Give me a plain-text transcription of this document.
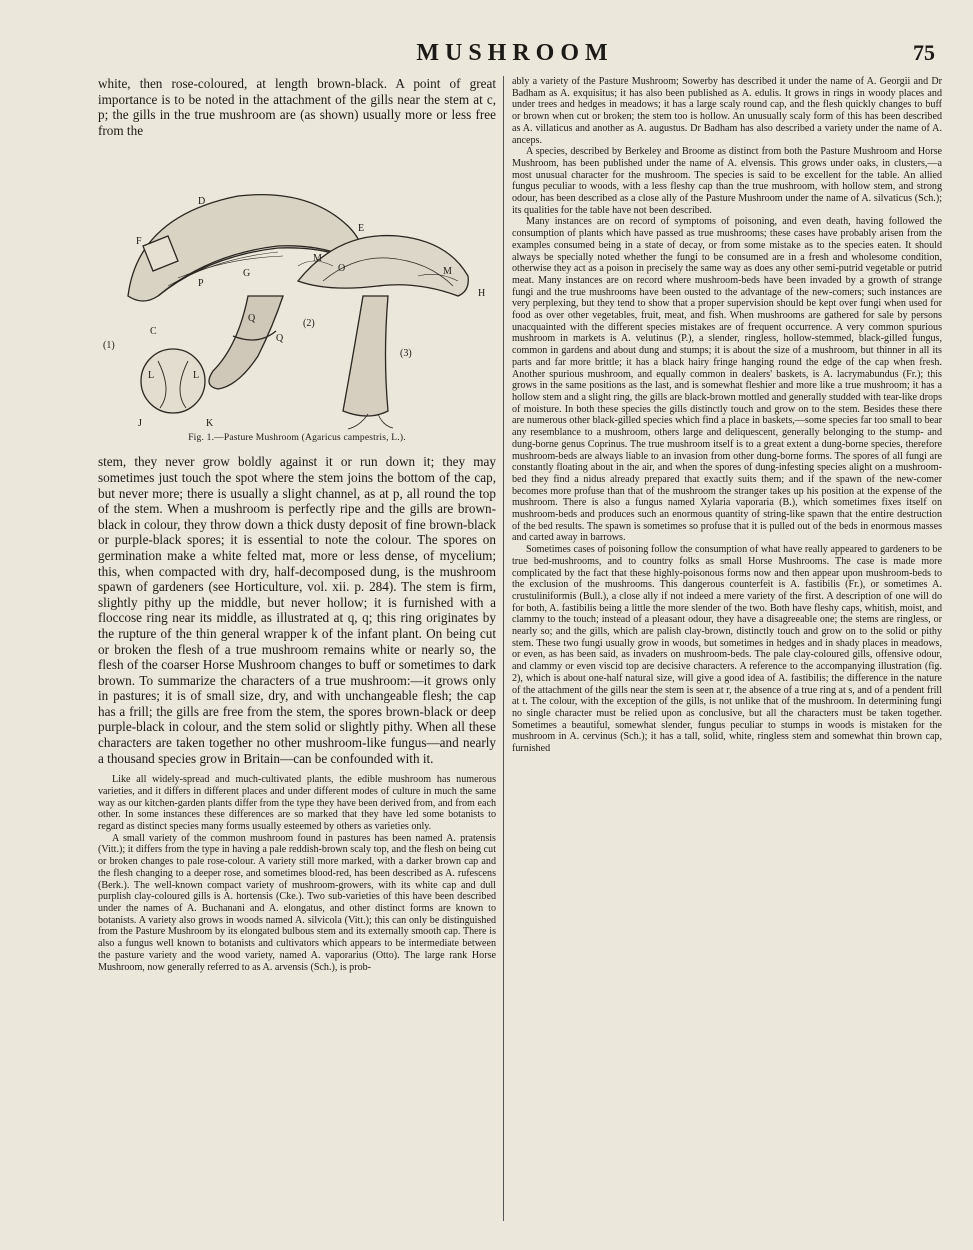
MUSHROOM	75

white, then rose-coloured, at length brown-black. A point of great importance is to be noted in the attachment of the gills near the stem at c, p; the gills in the true mushroom are (as shown) usually more or less free from the

F
D
E
P
C
M
O	M
Q
Q
H
(1)
(2)
(3)
L	L
J	K
G
Fig. 1.—Pasture Mushroom (Agaricus campestris, L.).

stem, they never grow boldly against it or run down it; they may sometimes just touch the spot where the stem joins the bottom of the cap, but never more; there is usually a slight channel, as at p, all round the top of the stem. When a mushroom is perfectly ripe and the gills are brown-black in colour, they throw down a thick dusty deposit of fine brown-black or purple-black spores; it is essential to note the colour. The spores on germination make a white felted mat, more or less dense, of mycelium; this, when compacted with dry, half-decomposed dung, is the mushroom spawn of gardeners (see Horticulture, vol. xii. p. 284). The stem is firm, slightly pithy up the middle, but never hollow; it is furnished with a floccose ring near its middle, as illustrated at q, q; this ring originates by the rupture of the thin general wrapper k of the infant plant. On being cut or broken the flesh of a true mushroom remains white or nearly so, the flesh of the coarser Horse Mushroom changes to buff or sometimes to dark brown. To summarize the characters of a true mushroom:—it grows only in pastures; it is of small size, dry, and with unchangeable flesh; the cap has a frill; the gills are free from the stem, the spores brown-black or deep purple-black in colour, and the stem solid or slightly pithy. When all these characters are taken together no other mushroom-like fungus—and nearly a thousand species grow in Britain—can be confounded with it.

Like all widely-spread and much-cultivated plants, the edible mushroom has numerous varieties, and it differs in different places and under different modes of culture in much the same way as our kitchen-garden plants differ from the type they have been derived from, and from each other. In some instances these differences are so marked that they have led some botanists to regard as distinct species many forms usually esteemed by others as varieties only.

A small variety of the common mushroom found in pastures has been named A. pratensis (Vitt.); it differs from the type in having a pale reddish-brown scaly top, and the flesh on being cut or broken changes to pale rose-colour. A variety still more marked, with a darker brown cap and the flesh changing to a deeper rose, and sometimes blood-red, has been described as A. rufescens (Berk.). The well-known compact variety of mushroom-growers, with its white cap and dull purplish clay-coloured gills is A. hortensis (Cke.). Two sub-varieties of this have been described under the names of A. Buchanani and A. elongatus, and other distinct forms are known to botanists. A variety also grows in woods named A. silvicola (Vitt.); this can only be distinguished from the Pasture Mushroom by its elongated bulbous stem and its externally smooth cap. There is also a fungus well known to botanists and cultivators which appears to be intermediate between the pasture variety and the wood variety, named A. vaporarius (Otto). The large rank Horse Mushroom, now generally referred to as A. arvensis (Sch.), is prob-

ably a variety of the Pasture Mushroom; Sowerby has described it under the name of A. Georgii and Dr Badham as A. exquisitus; it has also been published as A. edulis. It grows in rings in woody places and under trees and hedges in meadows; it has a large scaly round cap, and the flesh quickly changes to buff or brown when cut or broken; the stem too is hollow. An unusually scaly form of this has been described as A. villaticus and another as A. augustus. Dr Badham has also described a variety under the name of A. anceps.

A species, described by Berkeley and Broome as distinct from both the Pasture Mushroom and Horse Mushroom, has been published under the name of A. elvensis. This grows under oaks, in clusters,—a most unusual character for the mushroom. The species is said to be excellent for the table. An allied fungus peculiar to woods, with a less fleshy cap than the true mushroom, with hollow stem, and strong odour, has been described as a close ally of the Pasture Mushroom under the name of A. silvaticus (Sch.); its qualities for the table have not been described.

Many instances are on record of symptoms of poisoning, and even death, having followed the consumption of plants which have passed as true mushrooms; these cases have probably arisen from the examples consumed being in a state of decay, or from some mistake as to the species eaten. It should always be specially noted whether the fungi to be consumed are in a fresh and wholesome condition, otherwise they act as a poison in precisely the same way as does any other semi-putrid vegetable or putrid meat. Many instances are on record where mushroom-beds have been invaded by a growth of strange fungi and the true mushrooms have been ousted to the advantage of the new-comers; such instances are very perplexing, but they tend to show that a proper supervision should be kept over fungi when used for food as over other vegetables, fruit, meat, and fish. When mushrooms are gathered for sale by persons unacquainted with the different species mistakes are of frequent occurrence. A very common spurious mushroom in markets is A. velutinus (P.), a slender, ringless, hollow-stemmed, black-gilled fungus, common in gardens and about dung and stumps; it is about the size of a mushroom, but thinner in all its parts and far more brittle; it has a black hairy fringe hanging round the edge of the cap when fresh. Another spurious mushroom, and equally common in dealers' baskets, is A. lacrymabundus (Fr.); this grows in the same positions as the last, and is somewhat fleshier and more like a true mushroom; it has a hollow stem and a slight ring, the gills are black-brown mottled and generally studded with tear-like drops of moisture. In both these species the gills distinctly touch and grow on to the stem. Besides these there are numerous other black-gilled species which find a place in baskets,—some species far too small to bear any resemblance to a mushroom, others large and deliquescent, generally belonging to the stump- and dung-borne genus Coprinus. The true mushroom itself is to a great extent a dung-borne species, therefore mushroom-beds are always liable to an invasion from other dung-borne forms. The spores of all fungi are constantly floating about in the air, and when the spores of dung-infesting species alight on a mushroom-bed they find a nidus already prepared that exactly suits them; and if the spawn of the new-comer becomes more profuse than that of the mushroom the stranger takes up his position at the expense of the mushroom. There is also a fungus named Xylaria vaporaria (B.), which sometimes fixes itself on mushroom-beds and produces such an enormous quantity of string-like spawn that the entire destruction of the bed results. The spawn is sometimes so profuse that it is pulled out of the beds in enormous masses and carted away in barrows.

Sometimes cases of poisoning follow the consumption of what have really appeared to gardeners to be true bed-mushrooms, and to country folks as small Horse Mushrooms. The case is made more complicated by the fact that these highly-poisonous forms now and then appear upon mushroom-beds to the exclusion of the mushrooms. This dangerous counterfeit is A. fastibilis (Fr.), or sometimes A. crustuliniformis (Bull.), a close ally if not indeed a mere variety of the first. A description of one will do for both, A. fastibilis being a little the more slender of the two. Both have fleshy caps, whitish, moist, and clammy to the touch; instead of a pleasant odour, they have a disagreeable one; the stems are ringless, or nearly so; and the gills, which are palish clay-brown, distinctly touch and grow on to the solid or pithy stem. These two fungi usually grow in woods, but sometimes in hedges and in shady places in meadows, or even, as has been said, as invaders on mushroom-beds. The pale clay-coloured gills, offensive odour, and clammy or even viscid top are decisive characters. A reference to the accompanying illustration (fig. 2), which is about one-half natural size, will give a good idea of A. fastibilis; the difference in the nature of the attachment of the gills near the stem is seen at r, the absence of a true ring at s, and of a pendent frill at t. The colour, with the exception of the gills, is not unlike that of the mushroom. In determining fungi no single character must be relied upon as conclusive, but all the characters must be taken together. Sometimes a beautiful, somewhat slender, fungus peculiar to stumps in woods is mistaken for the mushroom in A. cervinus (Sch.); it has a tall, solid, white, ringless stem and somewhat thin brown cap, furnished
